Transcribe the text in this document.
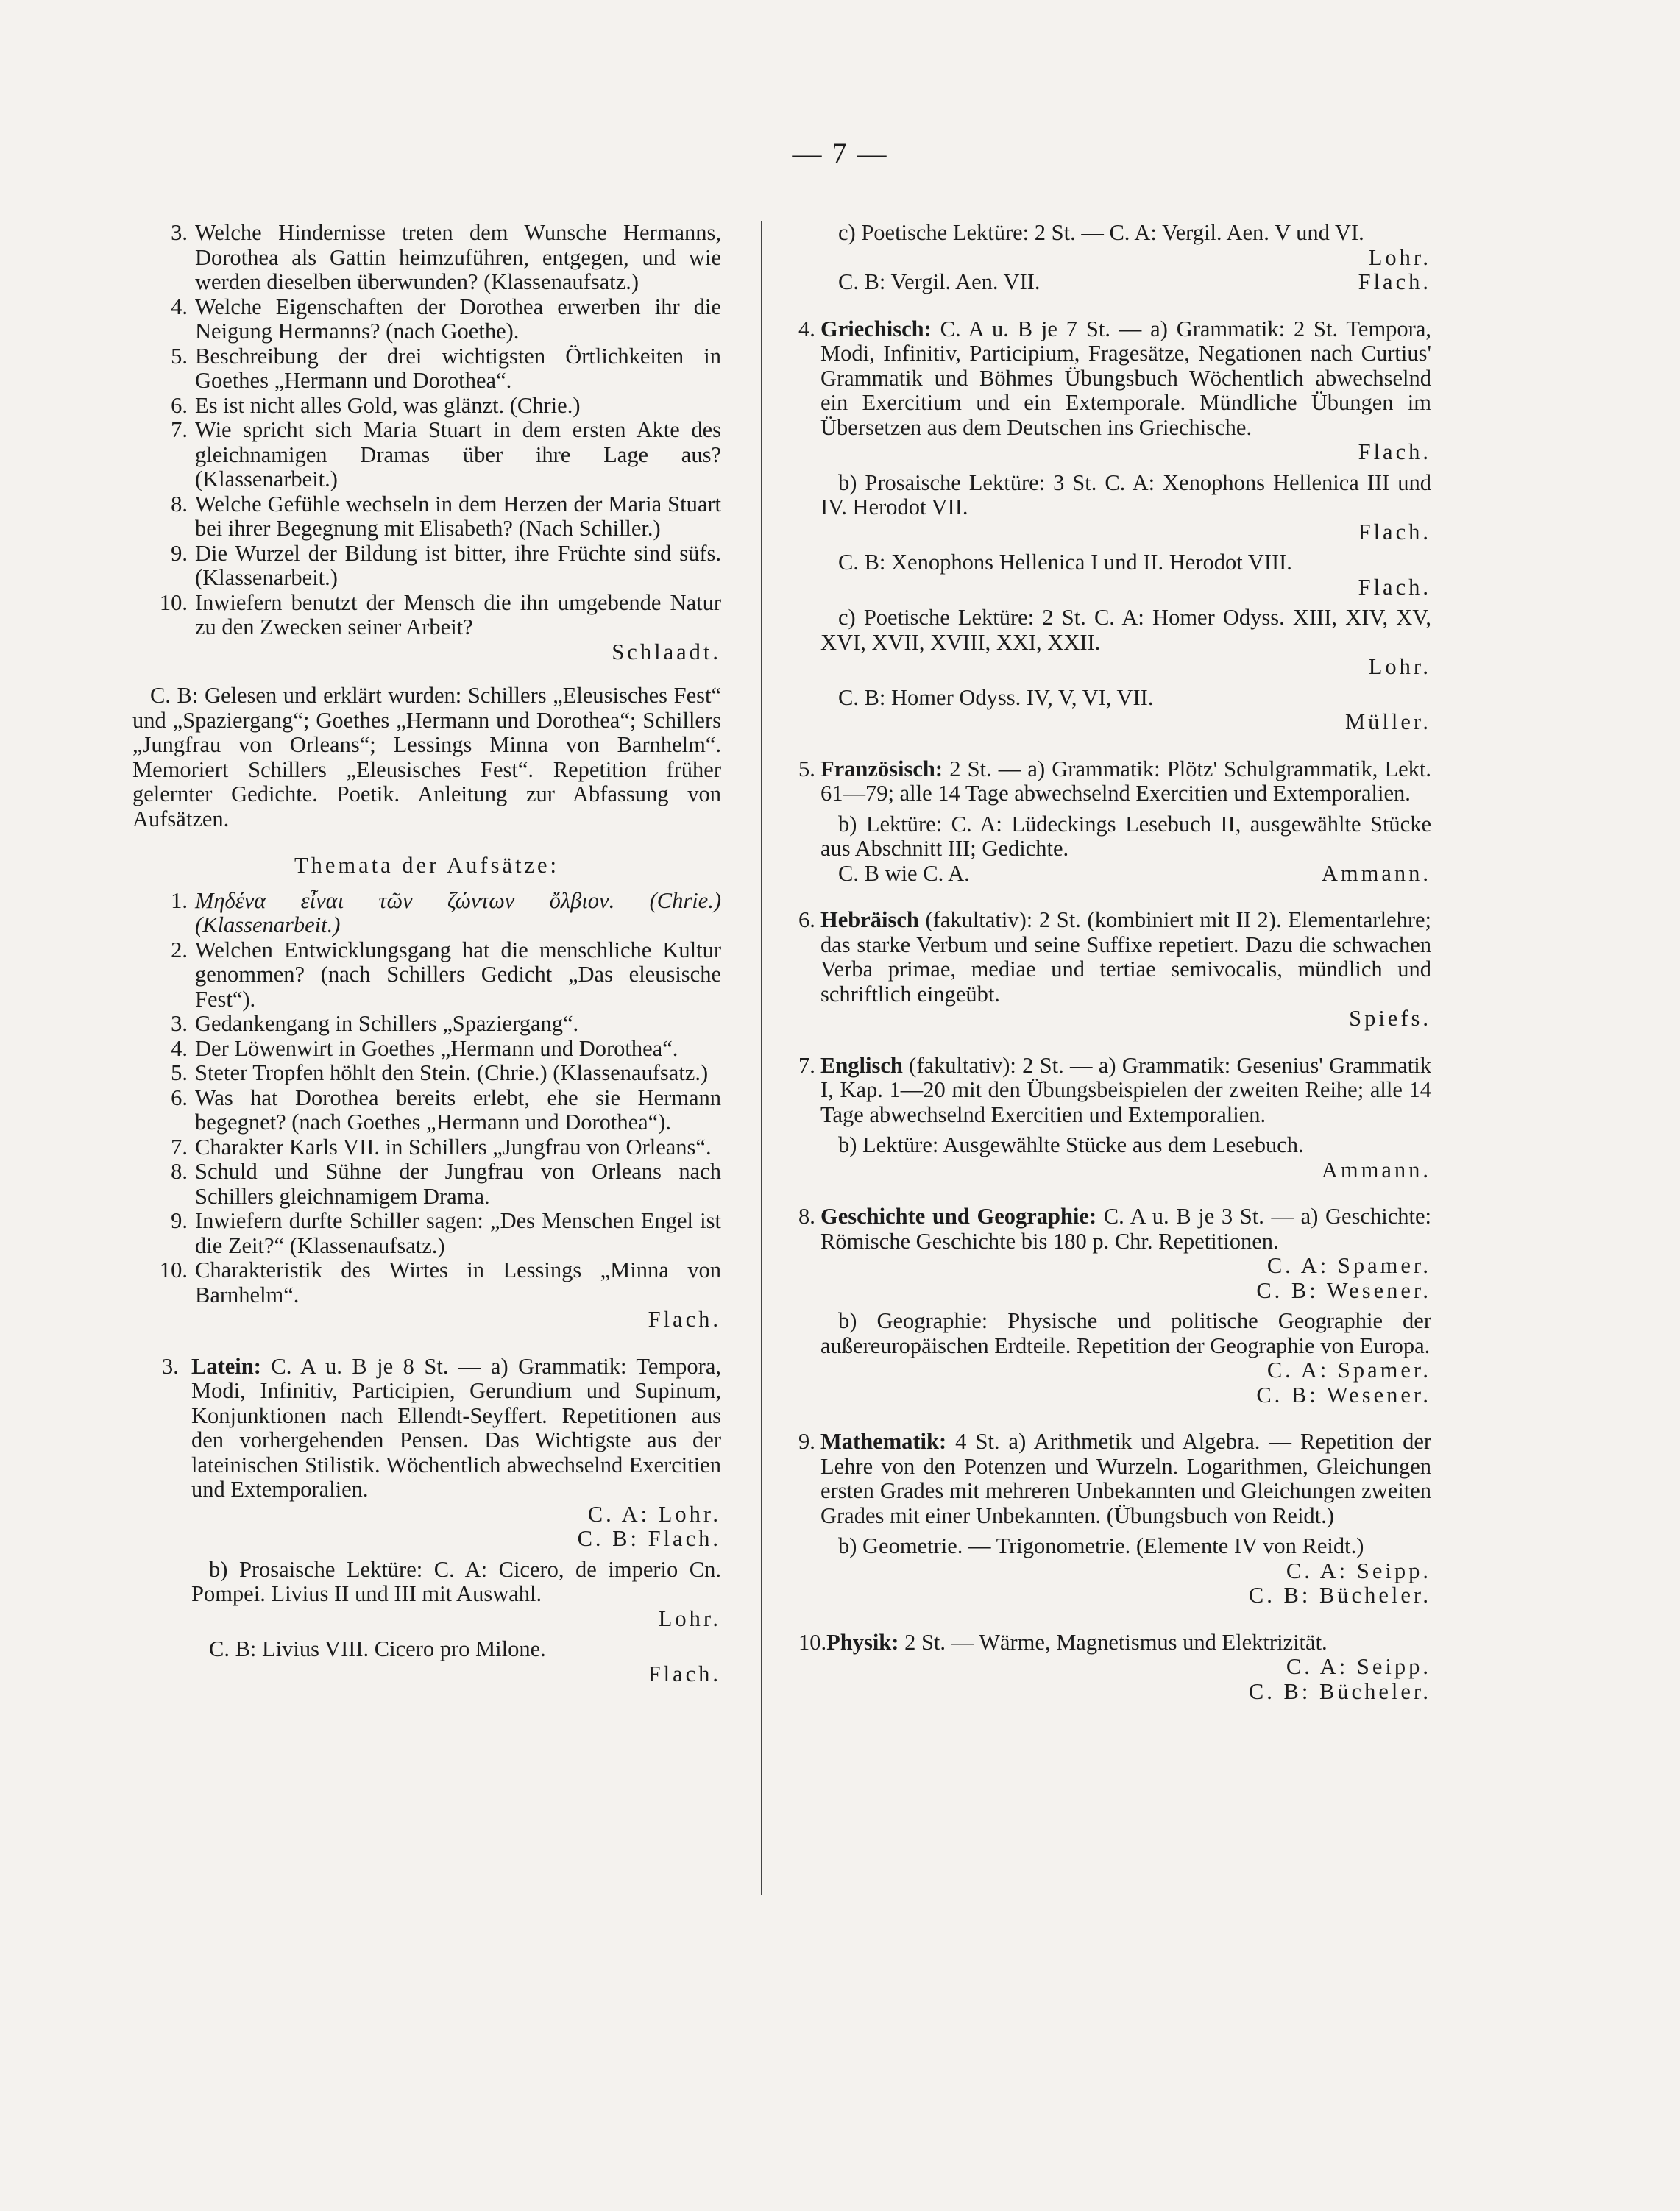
— 7 —
3. Welche Hindernisse treten dem Wunsche Hermanns, Dorothea als Gattin heimzuführen, entgegen, und wie werden dieselben überwunden? (Klassenaufsatz.)
4. Welche Eigenschaften der Dorothea erwerben ihr die Neigung Hermanns? (nach Goethe).
5. Beschreibung der drei wichtigsten Örtlichkeiten in Goethes „Hermann und Dorothea“.
6. Es ist nicht alles Gold, was glänzt. (Chrie.)
7. Wie spricht sich Maria Stuart in dem ersten Akte des gleichnamigen Dramas über ihre Lage aus? (Klassenarbeit.)
8. Welche Gefühle wechseln in dem Herzen der Maria Stuart bei ihrer Begegnung mit Elisabeth? (Nach Schiller.)
9. Die Wurzel der Bildung ist bitter, ihre Früchte sind süfs. (Klassenarbeit.)
10. Inwiefern benutzt der Mensch die ihn umgebende Natur zu den Zwecken seiner Arbeit?
Schlaadt.
C. B: Gelesen und erklärt wurden: Schillers „Eleusisches Fest“ und „Spaziergang“; Goethes „Hermann und Dorothea“; Schillers „Jungfrau von Orleans“; Lessings Minna von Barnhelm“. Memoriert Schillers „Eleusisches Fest“. Repetition früher gelernter Gedichte. Poetik. Anleitung zur Abfassung von Aufsätzen.
Themata der Aufsätze:
1. Μηδένα εἶναι τῶν ζώντων ὄλβιον. (Chrie.) (Klassenarbeit.)
2. Welchen Entwicklungsgang hat die menschliche Kultur genommen? (nach Schillers Gedicht „Das eleusische Fest“).
3. Gedankengang in Schillers „Spaziergang“.
4. Der Löwenwirt in Goethes „Hermann und Dorothea“.
5. Steter Tropfen höhlt den Stein. (Chrie.) (Klassenaufsatz.)
6. Was hat Dorothea bereits erlebt, ehe sie Hermann begegnet? (nach Goethes „Hermann und Dorothea“).
7. Charakter Karls VII. in Schillers „Jungfrau von Orleans“.
8. Schuld und Sühne der Jungfrau von Orleans nach Schillers gleichnamigem Drama.
9. Inwiefern durfte Schiller sagen: „Des Menschen Engel ist die Zeit?“ (Klassenaufsatz.)
10. Charakteristik des Wirtes in Lessings „Minna von Barnhelm“.
Flach.
3. Latein: C. A u. B je 8 St. — a) Grammatik: Tempora, Modi, Infinitiv, Participien, Gerundium und Supinum, Konjunktionen nach Ellendt-Seyffert. Repetitionen aus den vorhergehenden Pensen. Das Wichtigste aus der lateinischen Stilistik. Wöchentlich abwechselnd Exercitien und Extemporalien.
C. A: Lohr.
C. B: Flach.
b) Prosaische Lektüre: C. A: Cicero, de imperio Cn. Pompei. Livius II und III mit Auswahl.
Lohr.
C. B: Livius VIII. Cicero pro Milone.
Flach.
c) Poetische Lektüre: 2 St. — C. A: Vergil. Aen. V und VI.
Lohr.
C. B: Vergil. Aen. VII.	Flach.
4. Griechisch: C. A u. B je 7 St. — a) Grammatik: 2 St. Tempora, Modi, Infinitiv, Participium, Fragesätze, Negationen nach Curtius' Grammatik und Böhmes Übungsbuch Wöchentlich abwechselnd ein Exercitium und ein Extemporale. Mündliche Übungen im Übersetzen aus dem Deutschen ins Griechische.
Flach.
b) Prosaische Lektüre: 3 St. C. A: Xenophons Hellenica III und IV. Herodot VII.
Flach.
C. B: Xenophons Hellenica I und II. Herodot VIII.
Flach.
c) Poetische Lektüre: 2 St. C. A: Homer Odyss. XIII, XIV, XV, XVI, XVII, XVIII, XXI, XXII.
Lohr.
C. B: Homer Odyss. IV, V, VI, VII.
Müller.
5. Französisch: 2 St. — a) Grammatik: Plötz' Schulgrammatik, Lekt. 61—79; alle 14 Tage abwechselnd Exercitien und Extemporalien.
b) Lektüre: C. A: Lüdeckings Lesebuch II, ausgewählte Stücke aus Abschnitt III; Gedichte.
C. B wie C. A.	Ammann.
6. Hebräisch (fakultativ): 2 St. (kombiniert mit II 2). Elementarlehre; das starke Verbum und seine Suffixe repetiert. Dazu die schwachen Verba primae, mediae und tertiae semivocalis, mündlich und schriftlich eingeübt.
Spiefs.
7. Englisch (fakultativ): 2 St. — a) Grammatik: Gesenius' Grammatik I, Kap. 1—20 mit den Übungsbeispielen der zweiten Reihe; alle 14 Tage abwechselnd Exercitien und Extemporalien.
b) Lektüre: Ausgewählte Stücke aus dem Lesebuch.
Ammann.
8. Geschichte und Geographie: C. A u. B je 3 St. — a) Geschichte: Römische Geschichte bis 180 p. Chr. Repetitionen.
C. A: Spamer.
C. B: Wesener.
b) Geographie: Physische und politische Geographie der außereuropäischen Erdteile. Repetition der Geographie von Europa.
C. A: Spamer.
C. B: Wesener.
9. Mathematik: 4 St. a) Arithmetik und Algebra. — Repetition der Lehre von den Potenzen und Wurzeln. Logarithmen, Gleichungen ersten Grades mit mehreren Unbekannten und Gleichungen zweiten Grades mit einer Unbekannten. (Übungsbuch von Reidt.)
b) Geometrie. — Trigonometrie. (Elemente IV von Reidt.)
C. A: Seipp.
C. B: Bücheler.
10. Physik: 2 St. — Wärme, Magnetismus und Elektrizität.
C. A: Seipp.
C. B: Bücheler.
